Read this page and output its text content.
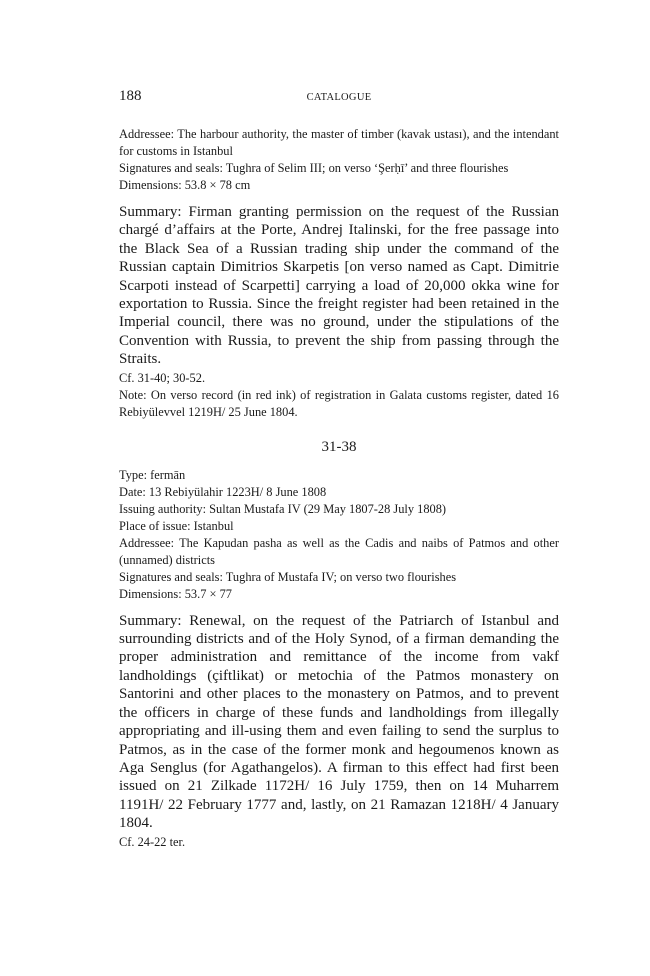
188	CATALOGUE

Addressee: The harbour authority, the master of timber (kavak ustası), and the intendant for customs in Istanbul

Signatures and seals: Tughra of Selim III; on verso ‘Şerḥī’ and three flourishes

Dimensions: 53.8 × 78 cm

Summary: Firman granting permission on the request of the Russian chargé d’affairs at the Porte, Andrej Italinski, for the free passage into the Black Sea of a Russian trading ship under the command of the Russian captain Dimitrios Skarpetis [on verso named as Capt. Dimitrie Scarpoti instead of Scarpetti] carrying a load of 20,000 okka wine for exportation to Russia. Since the freight register had been retained in the Imperial council, there was no ground, under the stipulations of the Convention with Russia, to prevent the ship from passing through the Straits.

Cf. 31-40; 30-52.

Note: On verso record (in red ink) of registration in Galata customs register, dated 16 Rebiyülevvel 1219H/ 25 June 1804.

31-38

Type: fermān

Date: 13 Rebiyülahir 1223H/ 8 June 1808

Issuing authority: Sultan Mustafa IV (29 May 1807-28 July 1808)

Place of issue: Istanbul

Addressee: The Kapudan pasha as well as the Cadis and naibs of Patmos and other (unnamed) districts

Signatures and seals: Tughra of Mustafa IV; on verso two flourishes

Dimensions: 53.7 × 77

Summary: Renewal, on the request of the Patriarch of Istanbul and surrounding districts and of the Holy Synod, of a firman demanding the proper administration and remittance of the income from vakf landholdings (çiftlikat) or metochia of the Patmos monastery on Santorini and other places to the monastery on Patmos, and to prevent the officers in charge of these funds and landholdings from illegally appropriating and ill-using them and even failing to send the surplus to Patmos, as in the case of the former monk and hegoumenos known as Aga Senglus (for Agathangelos). A firman to this effect had first been issued on 21 Zilkade 1172H/ 16 July 1759, then on 14 Muharrem 1191H/ 22 February 1777 and, lastly, on 21 Ramazan 1218H/ 4 January 1804.

Cf. 24-22 ter.
